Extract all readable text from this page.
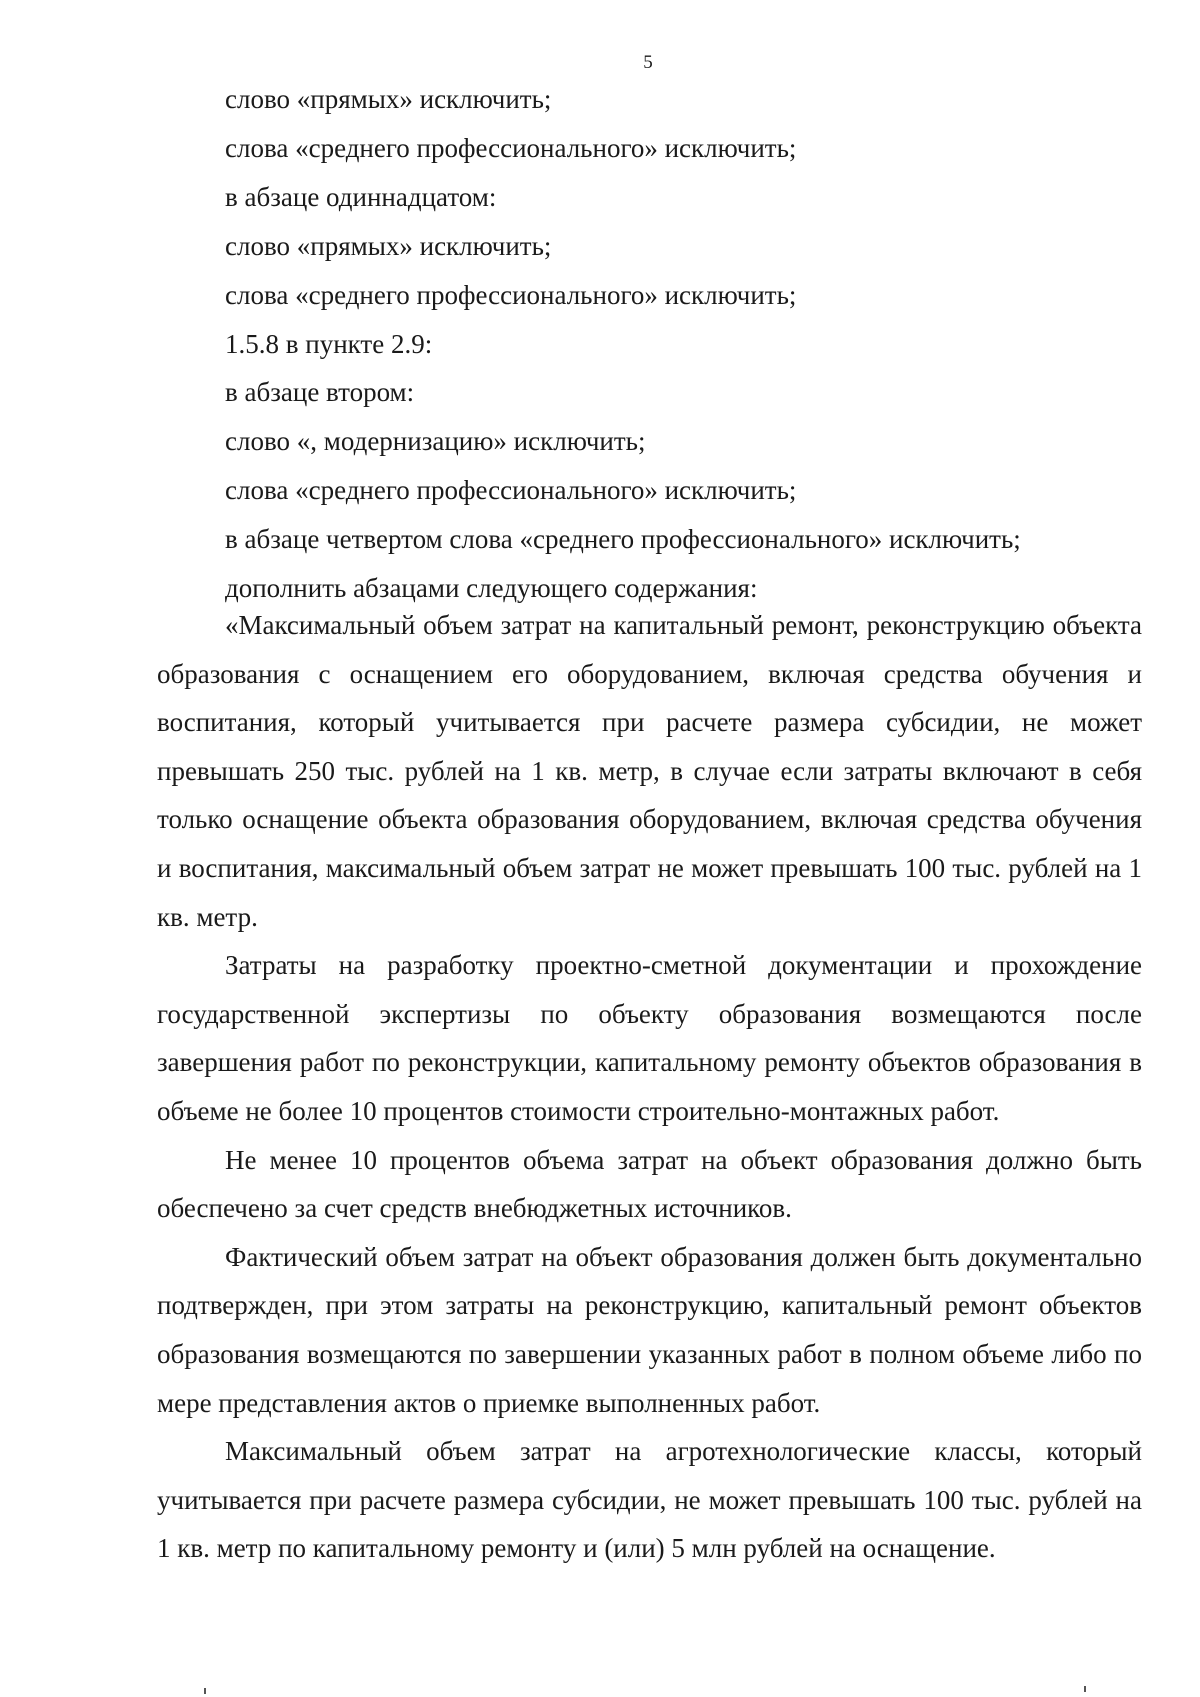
5

слово «прямых» исключить;

слова «среднего профессионального» исключить;

в абзаце одиннадцатом:

слово «прямых» исключить;

слова «среднего профессионального» исключить;

1.5.8 в пункте 2.9:

в абзаце втором:

слово «, модернизацию» исключить;

слова «среднего профессионального» исключить;

в абзаце четвертом слова «среднего профессионального» исключить;

дополнить абзацами следующего содержания:

«Максимальный объем затрат на капитальный ремонт, реконструкцию объекта образования с оснащением его оборудованием, включая средства обучения и воспитания, который учитывается при расчете размера субсидии, не может превышать 250 тыс. рублей на 1 кв. метр, в случае если затраты включают в себя только оснащение объекта образования оборудованием, включая средства обучения и воспитания, максимальный объем затрат не может превышать 100 тыс. рублей на 1 кв. метр.

Затраты на разработку проектно-сметной документации и прохождение государственной экспертизы по объекту образования возмещаются после завершения работ по реконструкции, капитальному ремонту объектов образования в объеме не более 10 процентов стоимости строительно-монтажных работ.

Не менее 10 процентов объема затрат на объект образования должно быть обеспечено за счет средств внебюджетных источников.

Фактический объем затрат на объект образования должен быть документально подтвержден, при этом затраты на реконструкцию, капитальный ремонт объектов образования возмещаются по завершении указанных работ в полном объеме либо по мере представления актов о приемке выполненных работ.

Максимальный объем затрат на агротехнологические классы, который учитывается при расчете размера субсидии, не может превышать 100 тыс. рублей на 1 кв. метр по капитальному ремонту и (или) 5 млн рублей на оснащение.
